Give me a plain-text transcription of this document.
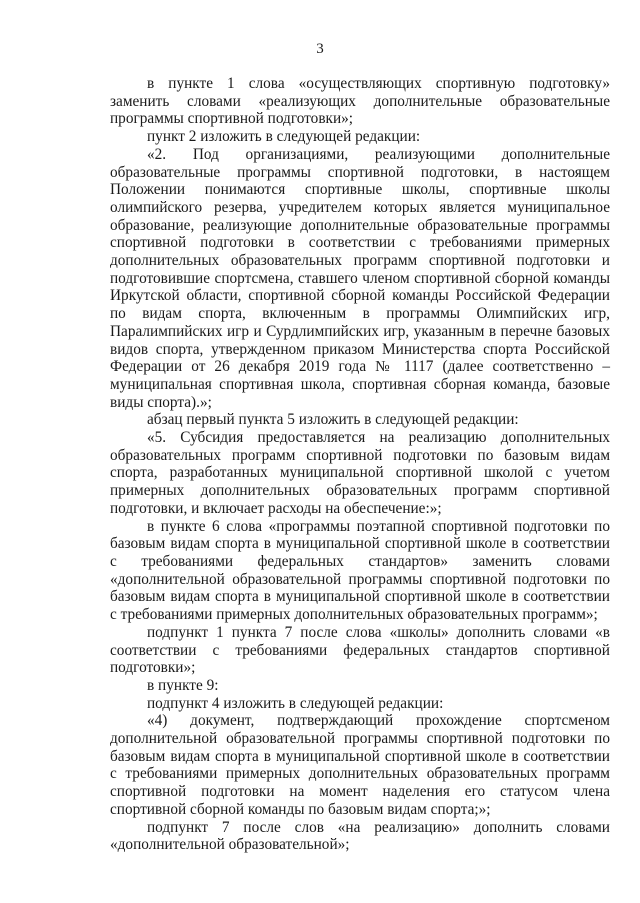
3

в пункте 1 слова «осуществляющих спортивную подготовку» заменить словами «реализующих дополнительные образовательные программы спортивной подготовки»;

пункт 2 изложить в следующей редакции:

«2. Под организациями, реализующими дополнительные образовательные программы спортивной подготовки, в настоящем Положении понимаются спортивные школы, спортивные школы олимпийского резерва, учредителем которых является муниципальное образование, реализующие дополнительные образовательные программы спортивной подготовки в соответствии с требованиями примерных дополнительных образовательных программ спортивной подготовки и подготовившие спортсмена, ставшего членом спортивной сборной команды Иркутской области, спортивной сборной команды Российской Федерации по видам спорта, включенным в программы Олимпийских игр, Паралимпийских игр и Сурдлимпийских игр, указанным в перечне базовых видов спорта, утвержденном приказом Министерства спорта Российской Федерации от 26 декабря 2019 года № 1117 (далее соответственно – муниципальная спортивная школа, спортивная сборная команда, базовые виды спорта).»;

абзац первый пункта 5 изложить в следующей редакции:

«5. Субсидия предоставляется на реализацию дополнительных образовательных программ спортивной подготовки по базовым видам спорта, разработанных муниципальной спортивной школой с учетом примерных дополнительных образовательных программ спортивной подготовки, и включает расходы на обеспечение:»;

в пункте 6 слова «программы поэтапной спортивной подготовки по базовым видам спорта в муниципальной спортивной школе в соответствии с требованиями федеральных стандартов» заменить словами «дополнительной образовательной программы спортивной подготовки по базовым видам спорта в муниципальной спортивной школе в соответствии с требованиями примерных дополнительных образовательных программ»;

подпункт 1 пункта 7 после слова «школы» дополнить словами «в соответствии с требованиями федеральных стандартов спортивной подготовки»;

в пункте 9:

подпункт 4 изложить в следующей редакции:

«4) документ, подтверждающий прохождение спортсменом дополнительной образовательной программы спортивной подготовки по базовым видам спорта в муниципальной спортивной школе в соответствии с требованиями примерных дополнительных образовательных программ спортивной подготовки на момент наделения его статусом члена спортивной сборной команды по базовым видам спорта;»;

подпункт 7 после слов «на реализацию» дополнить словами «дополнительной образовательной»;
